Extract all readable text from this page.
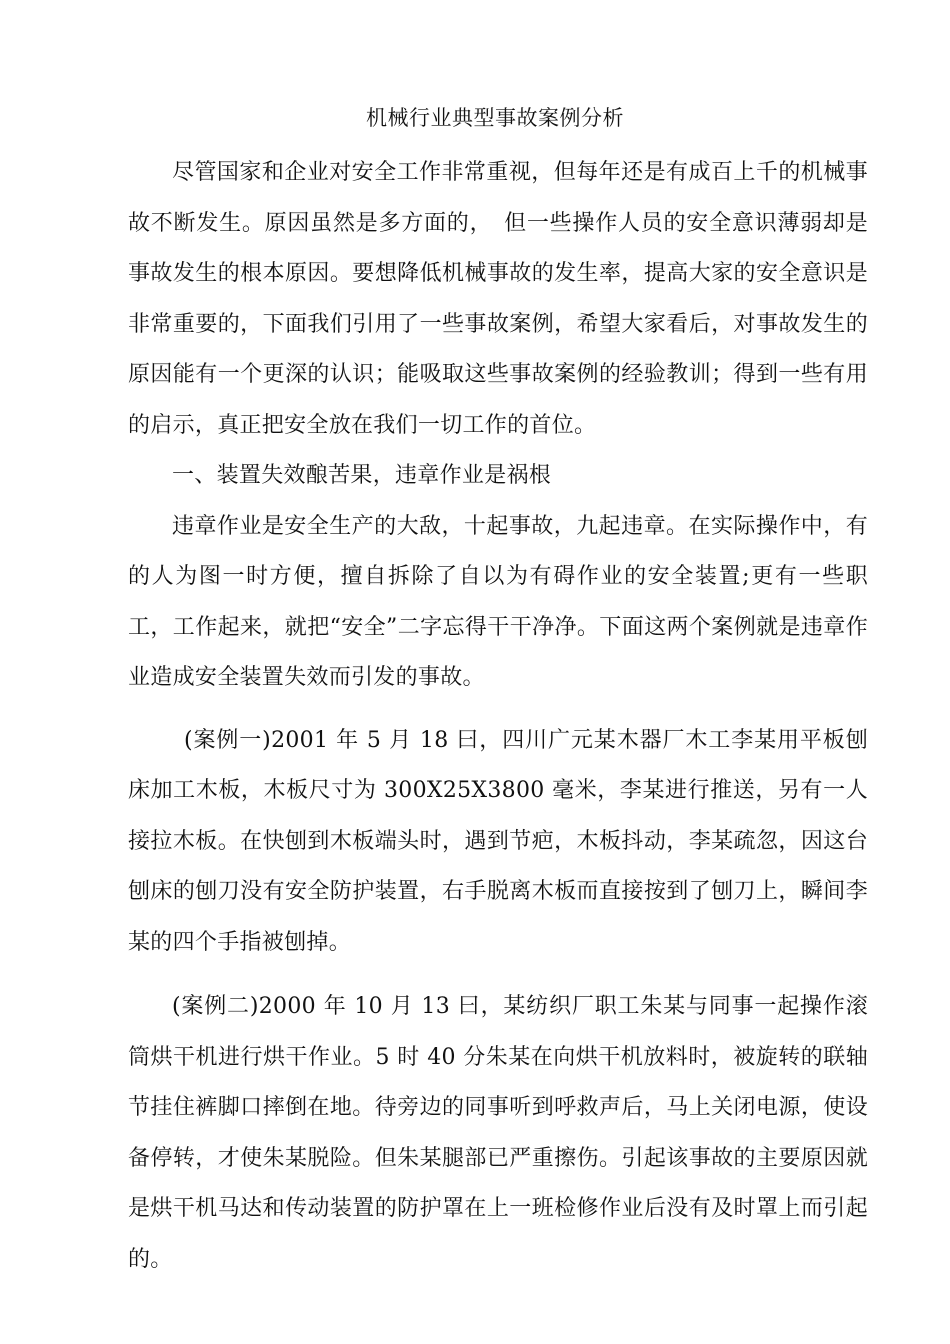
机械行业典型事故案例分析

尽管国家和企业对安全工作非常重视，但每年还是有成百上千的机械事故不断发生。原因虽然是多方面的，　但一些操作人员的安全意识薄弱却是事故发生的根本原因。要想降低机械事故的发生率，提高大家的安全意识是非常重要的，下面我们引用了一些事故案例，希望大家看后，对事故发生的原因能有一个更深的认识；能吸取这些事故案例的经验教训；得到一些有用的启示，真正把安全放在我们一切工作的首位。

一、装置失效酿苦果，违章作业是祸根

违章作业是安全生产的大敌，十起事故，九起违章。在实际操作中，有的人为图一时方便，擅自拆除了自以为有碍作业的安全装置;更有一些职工，工作起来，就把“安全”二字忘得干干净净。下面这两个案例就是违章作业造成安全装置失效而引发的事故。

(案例一)2001 年 5 月 18 曰，四川广元某木器厂木工李某用平板刨床加工木板，木板尺寸为 300X25X3800 毫米，李某进行推送，另有一人接拉木板。在快刨到木板端头时，遇到节疤，木板抖动，李某疏忽，因这台刨床的刨刀没有安全防护装置，右手脱离木板而直接按到了刨刀上，瞬间李某的四个手指被刨掉。

(案例二)2000 年 10 月 13 曰，某纺织厂职工朱某与同事一起操作滚筒烘干机进行烘干作业。5 时 40 分朱某在向烘干机放料时，被旋转的联轴节挂住裤脚口摔倒在地。待旁边的同事听到呼救声后，马上关闭电源，使设备停转，才使朱某脱险。但朱某腿部已严重擦伤。引起该事故的主要原因就是烘干机马达和传动装置的防护罩在上一班检修作业后没有及时罩上而引起的。
